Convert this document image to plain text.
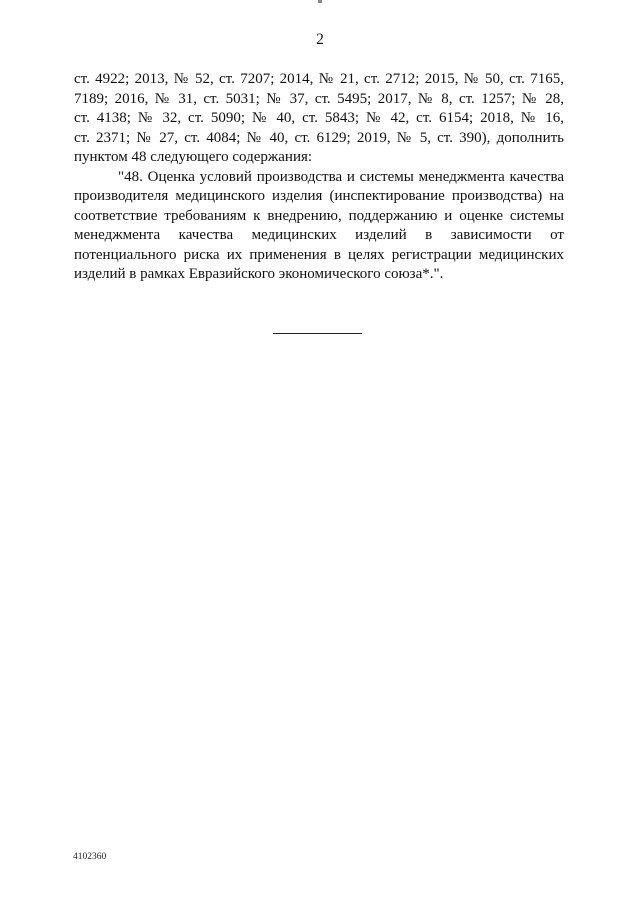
2
ст. 4922; 2013, № 52, ст. 7207; 2014, № 21, ст. 2712; 2015, № 50, ст. 7165,
7189; 2016, № 31, ст. 5031; № 37, ст. 5495; 2017, № 8, ст. 1257; № 28,
ст. 4138; № 32, ст. 5090; № 40, ст. 5843; № 42, ст. 6154; 2018, № 16,
ст. 2371; № 27, ст. 4084; № 40, ст. 6129; 2019, № 5, ст. 390), дополнить
пунктом 48 следующего содержания:
"48. Оценка условий производства и системы менеджмента качества
производителя медицинского изделия (инспектирование производства) на
соответствие требованиям к внедрению, поддержанию и оценке системы
менеджмента качества медицинских изделий в зависимости от
потенциального риска их применения в целях регистрации медицинских
изделий в рамках Евразийского экономического союза*.".
4102360
